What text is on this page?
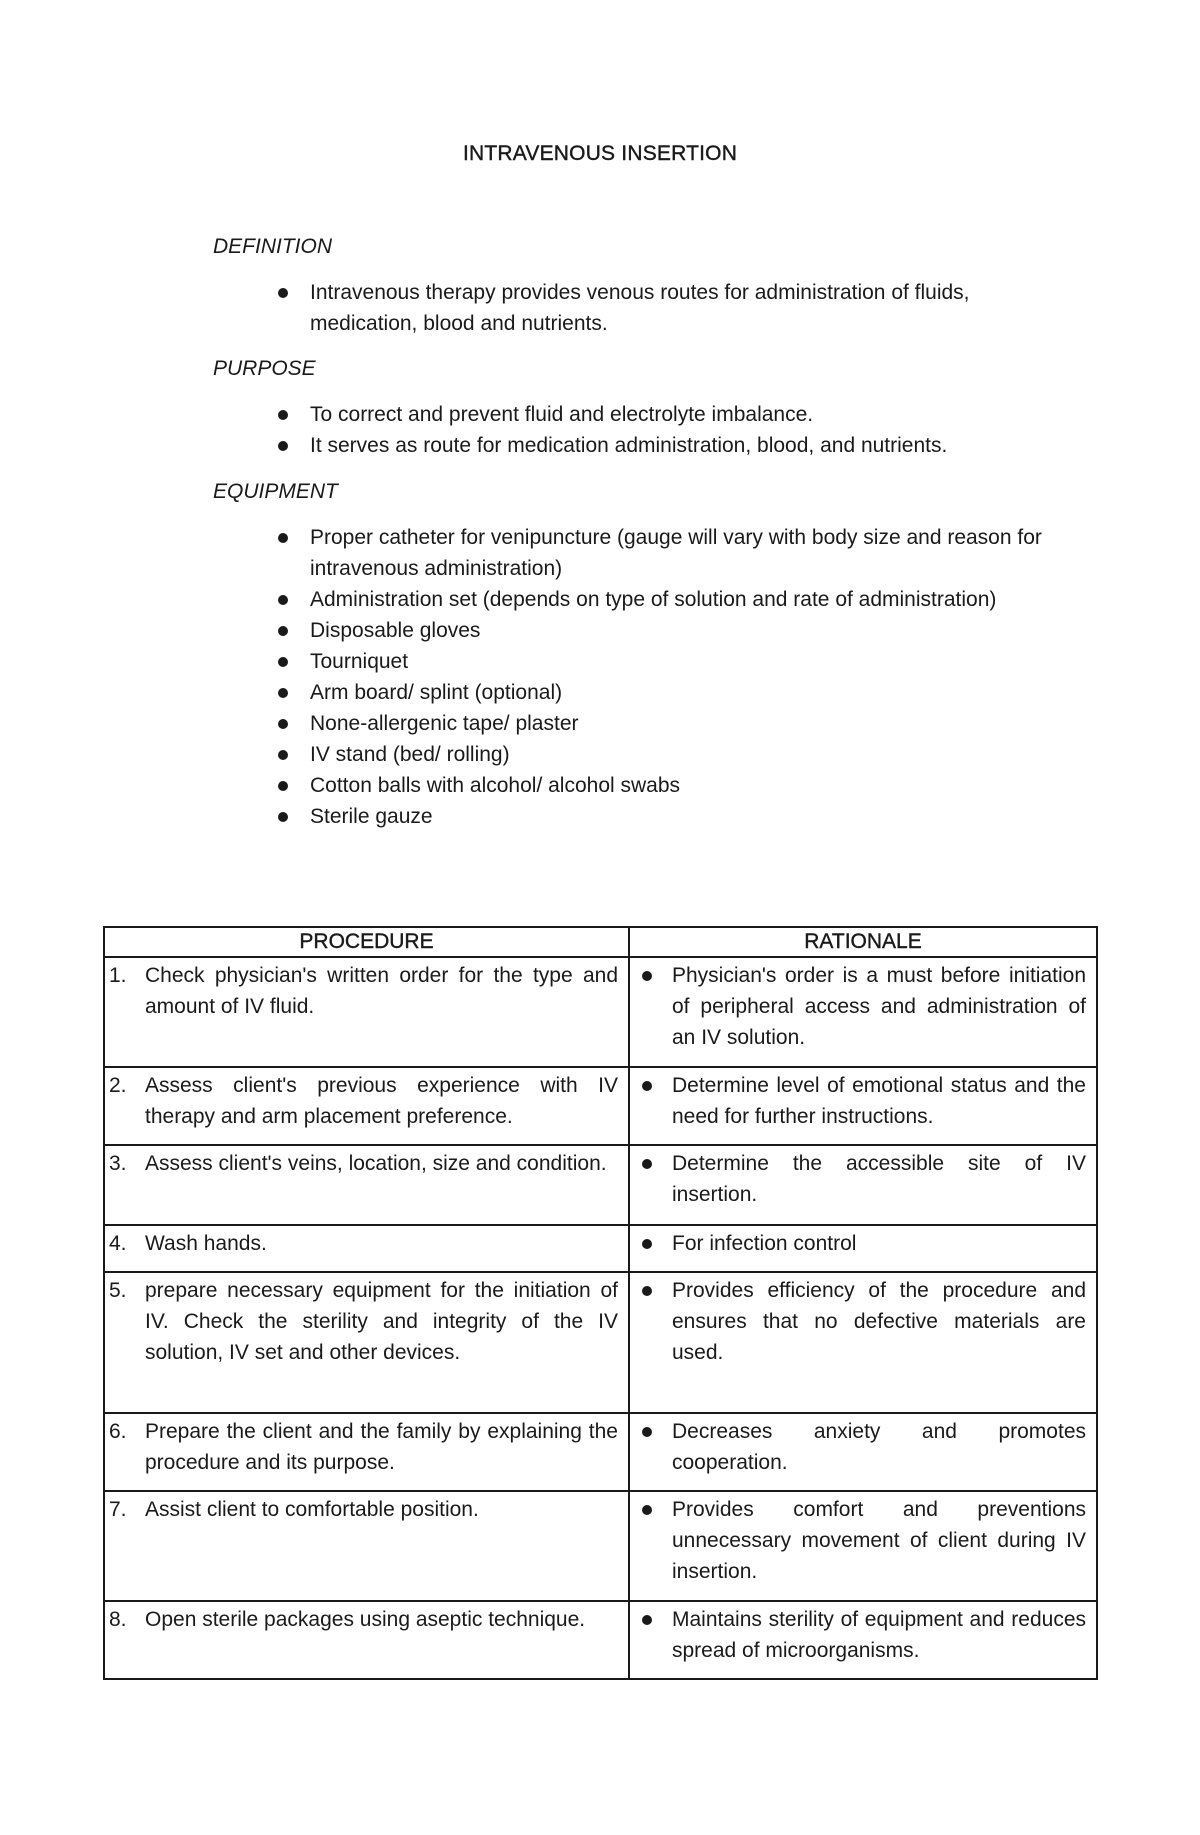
INTRAVENOUS INSERTION
DEFINITION
Intravenous therapy provides venous routes for administration of fluids, medication, blood and nutrients.
PURPOSE
To correct and prevent fluid and electrolyte imbalance.
It serves as route for medication administration, blood, and nutrients.
EQUIPMENT
Proper catheter for venipuncture (gauge will vary with body size and reason for intravenous administration)
Administration set (depends on type of solution and rate of administration)
Disposable gloves
Tourniquet
Arm board/ splint (optional)
None-allergenic tape/ plaster
IV stand (bed/ rolling)
Cotton balls with alcohol/ alcohol swabs
Sterile gauze
PROCEDURE	RATIONALE

1. Check physician's written order for the type and amount of IV fluid.	Physician's order is a must before initiation of peripheral access and administration of an IV solution.

2. Assess client's previous experience with IV therapy and arm placement preference.	Determine level of emotional status and the need for further instructions.

3. Assess client's veins, location, size and condition.	Determine the accessible site of IV insertion.

4. Wash hands.	For infection control

5. prepare necessary equipment for the initiation of IV. Check the sterility and integrity of the IV solution, IV set and other devices.	Provides efficiency of the procedure and ensures that no defective materials are used.

6. Prepare the client and the family by explaining the procedure and its purpose.	Decreases anxiety and promotes cooperation.

7. Assist client to comfortable position.	Provides comfort and preventions unnecessary movement of client during IV insertion.

8. Open sterile packages using aseptic technique.	Maintains sterility of equipment and reduces spread of microorganisms.
